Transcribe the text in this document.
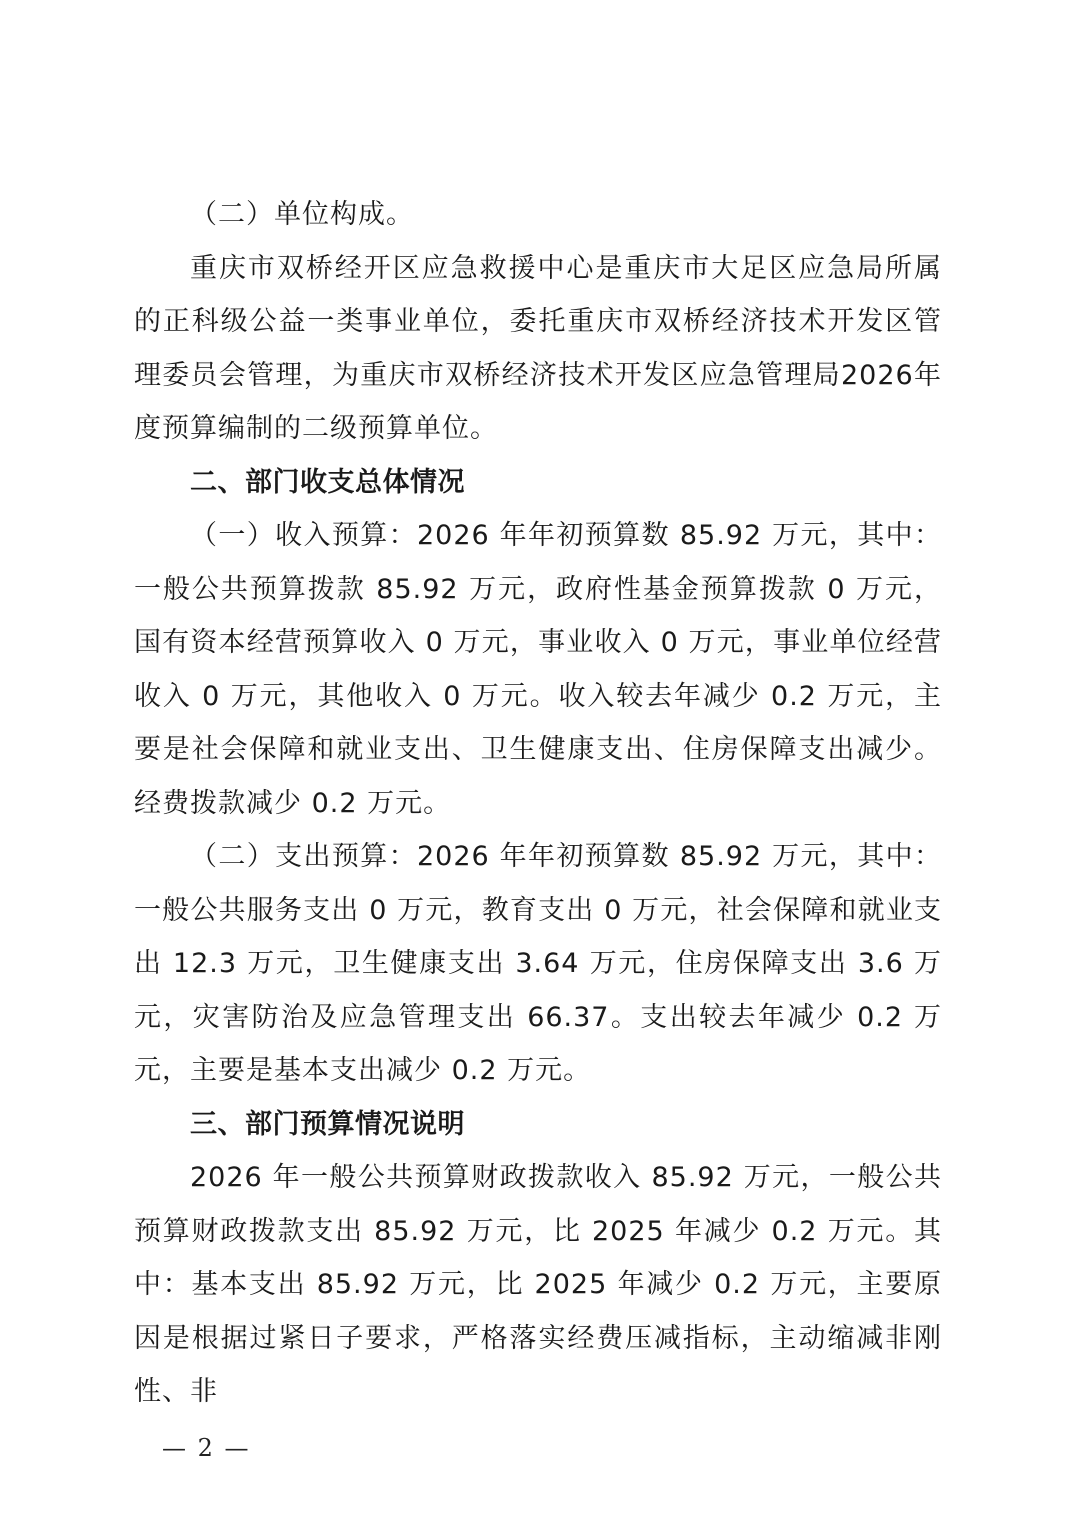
（二）单位构成。

重庆市双桥经开区应急救援中心是重庆市大足区应急局所属的正科级公益一类事业单位，委托重庆市双桥经济技术开发区管理委员会管理，为重庆市双桥经济技术开发区应急管理局2026年度预算编制的二级预算单位。

二、部门收支总体情况

（一）收入预算：2026 年年初预算数 85.92 万元，其中：一般公共预算拨款 85.92 万元，政府性基金预算拨款 0 万元，国有资本经营预算收入 0 万元，事业收入 0 万元，事业单位经营收入 0 万元，其他收入 0 万元。收入较去年减少 0.2 万元，主要是社会保障和就业支出、卫生健康支出、住房保障支出减少。经费拨款减少 0.2 万元。

（二）支出预算：2026 年年初预算数 85.92 万元，其中：一般公共服务支出 0 万元，教育支出 0 万元，社会保障和就业支出 12.3 万元，卫生健康支出 3.64 万元，住房保障支出 3.6 万元，灾害防治及应急管理支出 66.37。支出较去年减少 0.2 万元，主要是基本支出减少 0.2 万元。

三、部门预算情况说明

2026 年一般公共预算财政拨款收入 85.92 万元，一般公共预算财政拨款支出 85.92 万元，比 2025 年减少 0.2 万元。其中：基本支出 85.92 万元，比 2025 年减少 0.2 万元，主要原因是根据过紧日子要求，严格落实经费压减指标，主动缩减非刚性、非

— 2 —
